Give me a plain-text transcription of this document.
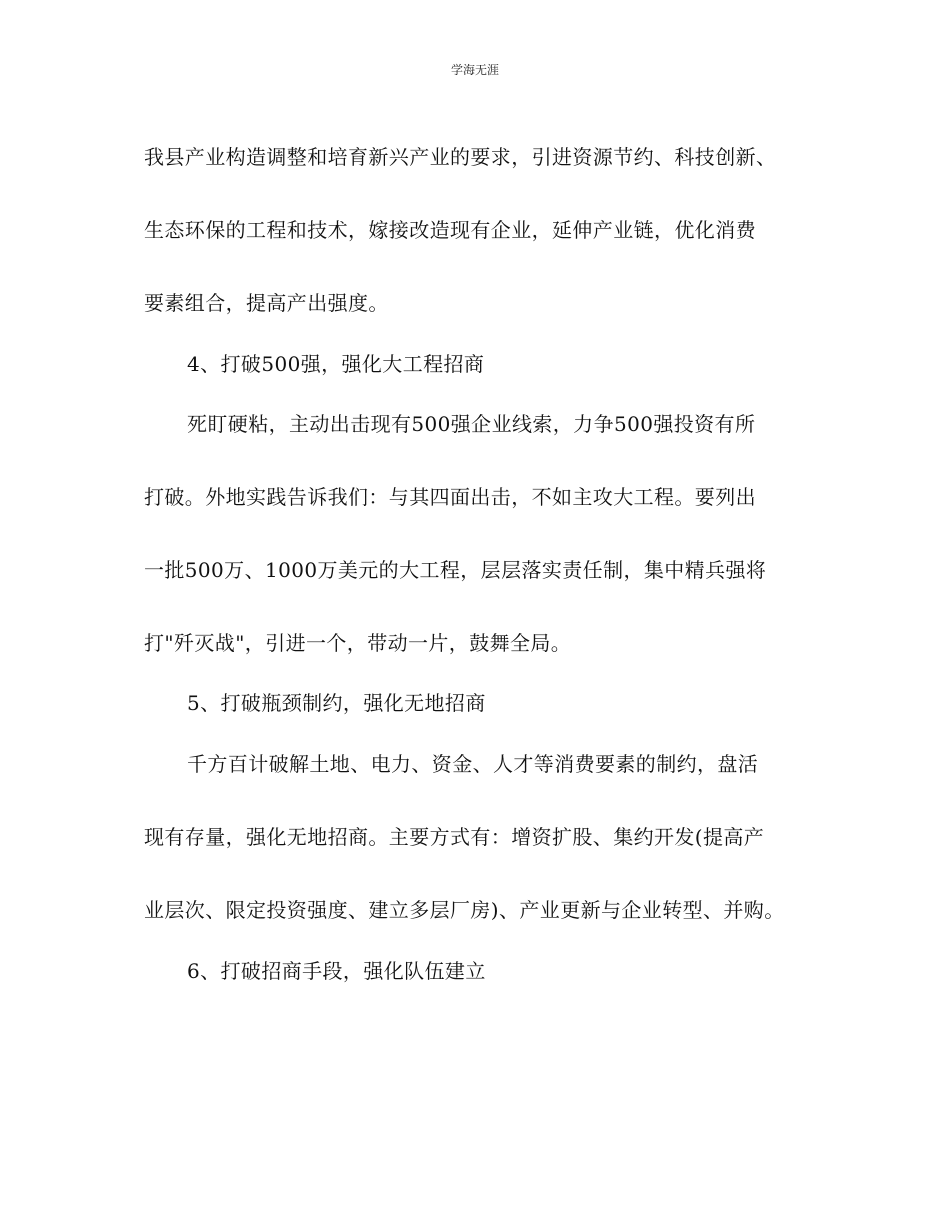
学海无涯
我县产业构造调整和培育新兴产业的要求，引进资源节约、科技创新、
生态环保的工程和技术，嫁接改造现有企业，延伸产业链，优化消费
要素组合，提高产出强度。
4、打破500强，强化大工程招商
死盯硬粘，主动出击现有500强企业线索，力争500强投资有所
打破。外地实践告诉我们：与其四面出击，不如主攻大工程。要列出
一批500万、1000万美元的大工程，层层落实责任制，集中精兵强将
打"歼灭战"，引进一个，带动一片，鼓舞全局。
5、打破瓶颈制约，强化无地招商
千方百计破解土地、电力、资金、人才等消费要素的制约，盘活
现有存量，强化无地招商。主要方式有：增资扩股、集约开发(提高产
业层次、限定投资强度、建立多层厂房)、产业更新与企业转型、并购。
6、打破招商手段，强化队伍建立
